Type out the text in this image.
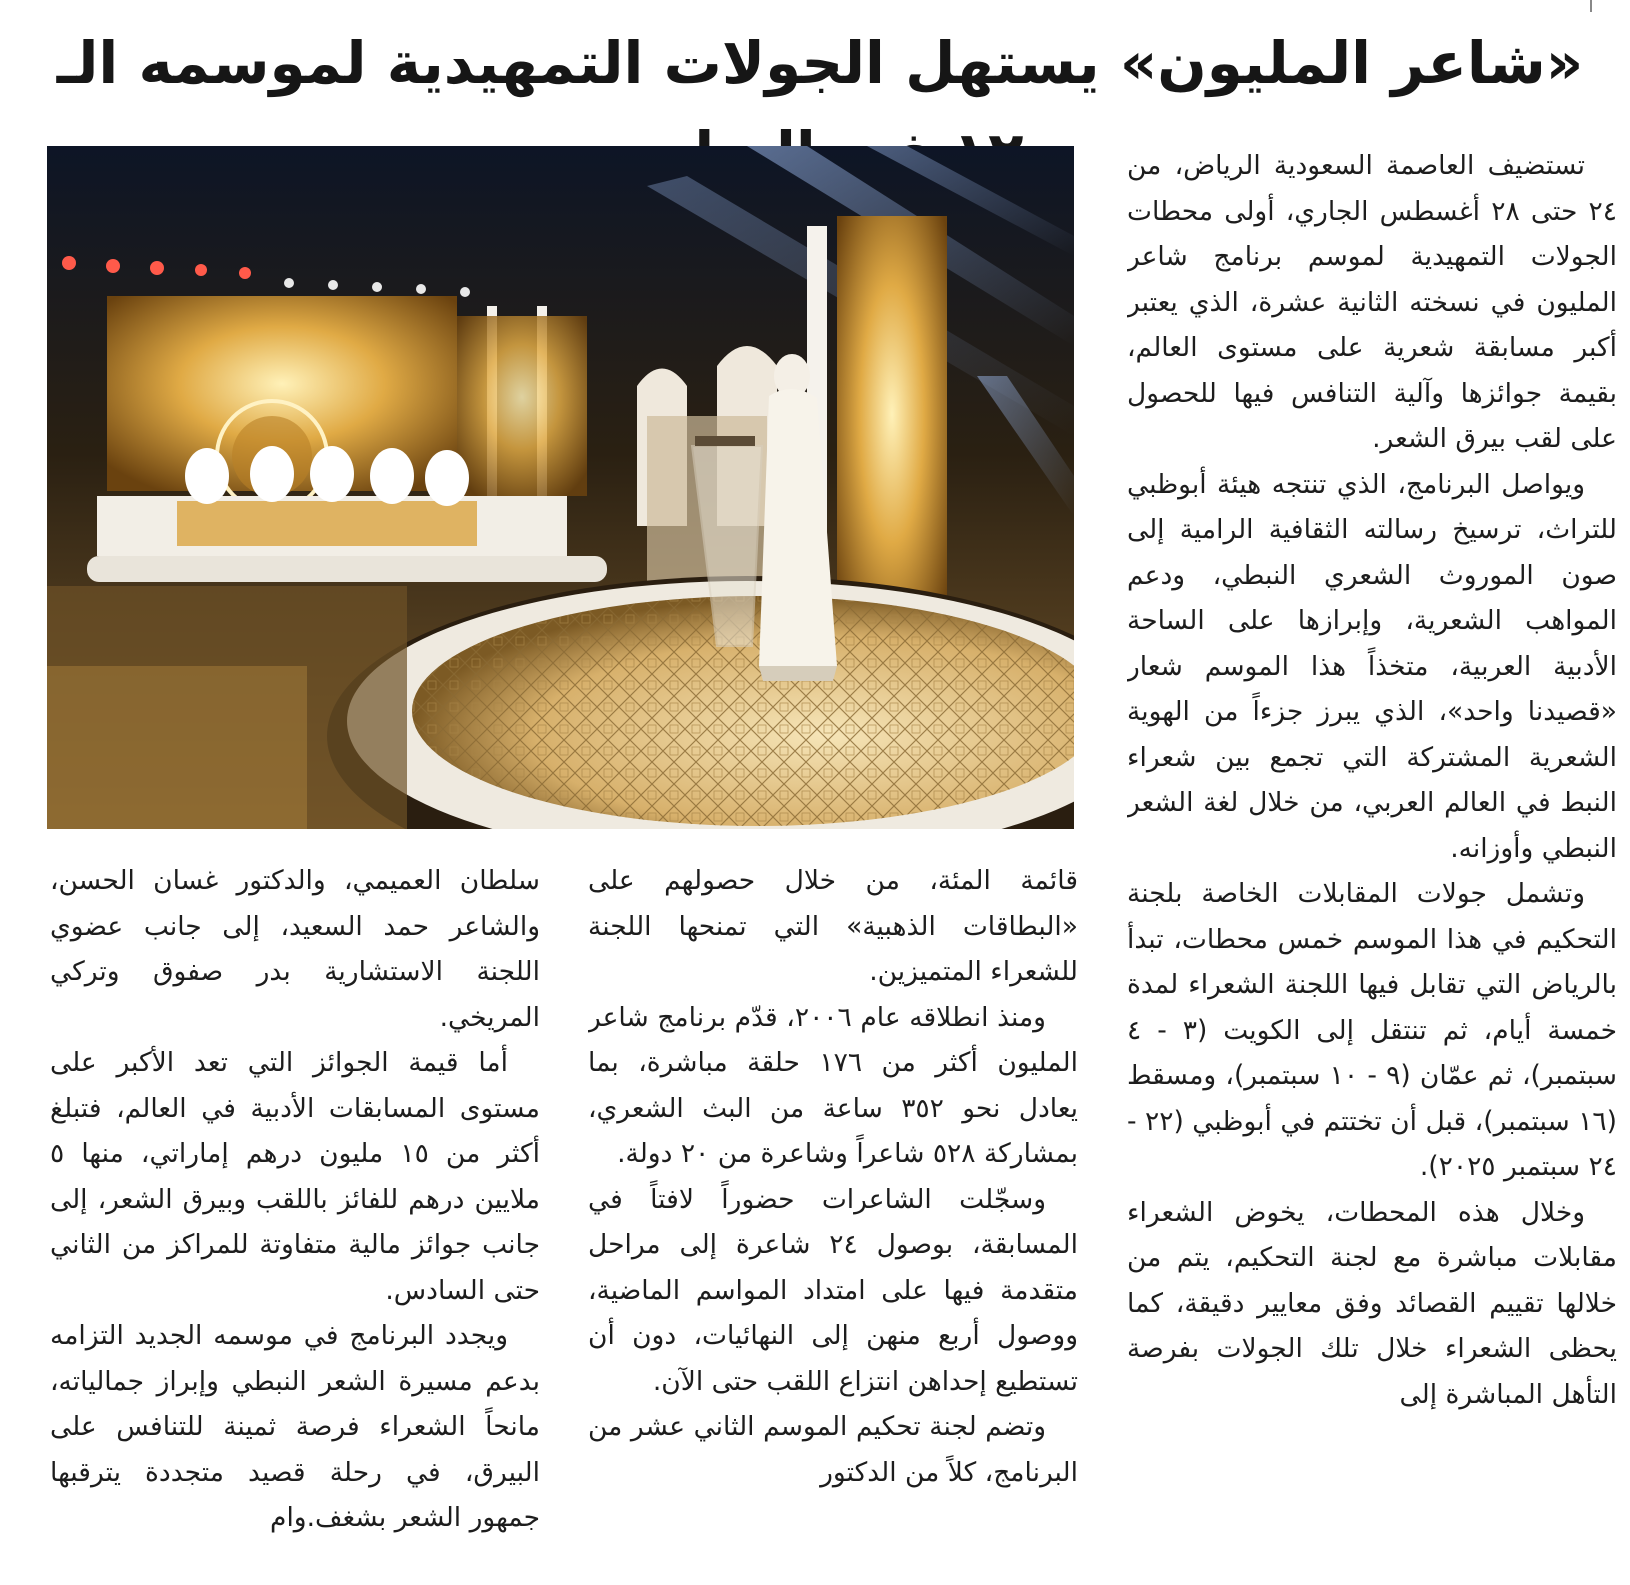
«شاعر المليون» يستهل الجولات التمهيدية لموسمه الـ

تستضيف العاصمة السعودية الرياض، من ٢٤ حتى ٢٨ أغسطس الجاري، أولى محطات الجولات التمهيدية لموسم برنامج شاعر المليون في نسخته الثانية عشرة، الذي يعتبر أكبر مسابقة شعرية على مستوى العالم، بقيمة جوائزها وآلية التنافس فيها للحصول على لقب بيرق الشعر.

ويواصل البرنامج، الذي تنتجه هيئة أبوظبي للتراث، ترسيخ رسالته الثقافية الرامية إلى صون الموروث الشعري النبطي، ودعم المواهب الشعرية، وإبرازها على الساحة الأدبية العربية، متخذاً هذا الموسم شعار «قصيدنا واحد»، الذي يبرز جزءاً من الهوية الشعرية المشتركة التي تجمع بين شعراء النبط في العالم العربي، من خلال لغة الشعر النبطي وأوزانه.

وتشمل جولات المقابلات الخاصة بلجنة التحكيم في هذا الموسم خمس محطات، تبدأ بالرياض التي تقابل فيها اللجنة الشعراء لمدة خمسة أيام، ثم تنتقل إلى الكويت (٣ - ٤ سبتمبر)، ثم عمّان (٩ - ١٠ سبتمبر)، ومسقط (١٦ سبتمبر)، قبل أن تختتم في أبوظبي (٢٢ - ٢٤ سبتمبر ٢٠٢٥).

وخلال هذه المحطات، يخوض الشعراء مقابلات مباشرة مع لجنة التحكيم، يتم من خلالها تقييم القصائد وفق معايير دقيقة، كما يحظى الشعراء خلال تلك الجولات بفرصة التأهل المباشرة إلى

قائمة المئة، من خلال حصولهم على «البطاقات الذهبية» التي تمنحها اللجنة للشعراء المتميزين.

ومنذ انطلاقه عام ٢٠٠٦، قدّم برنامج شاعر المليون أكثر من ١٧٦ حلقة مباشرة، بما يعادل نحو ٣٥٢ ساعة من البث الشعري، بمشاركة ٥٢٨ شاعراً وشاعرة من ٢٠ دولة.

وسجّلت الشاعرات حضوراً لافتاً في المسابقة، بوصول ٢٤ شاعرة إلى مراحل متقدمة فيها على امتداد المواسم الماضية، ووصول أربع منهن إلى النهائيات، دون أن تستطيع إحداهن انتزاع اللقب حتى الآن.

وتضم لجنة تحكيم الموسم الثاني عشر من البرنامج، كلاً من الدكتور

سلطان العميمي، والدكتور غسان الحسن، والشاعر حمد السعيد، إلى جانب عضوي اللجنة الاستشارية بدر صفوق وتركي المريخي.

أما قيمة الجوائز التي تعد الأكبر على مستوى المسابقات الأدبية في العالم، فتبلغ أكثر من ١٥ مليون درهم إماراتي، منها ٥ ملايين درهم للفائز باللقب وبيرق الشعر، إلى جانب جوائز مالية متفاوتة للمراكز من الثاني حتى السادس.

ويجدد البرنامج في موسمه الجديد التزامه بدعم مسيرة الشعر النبطي وإبراز جمالياته، مانحاً الشعراء فرصة ثمينة للتنافس على البيرق، في رحلة قصيد متجددة يترقبها جمهور الشعر بشغف.وام
